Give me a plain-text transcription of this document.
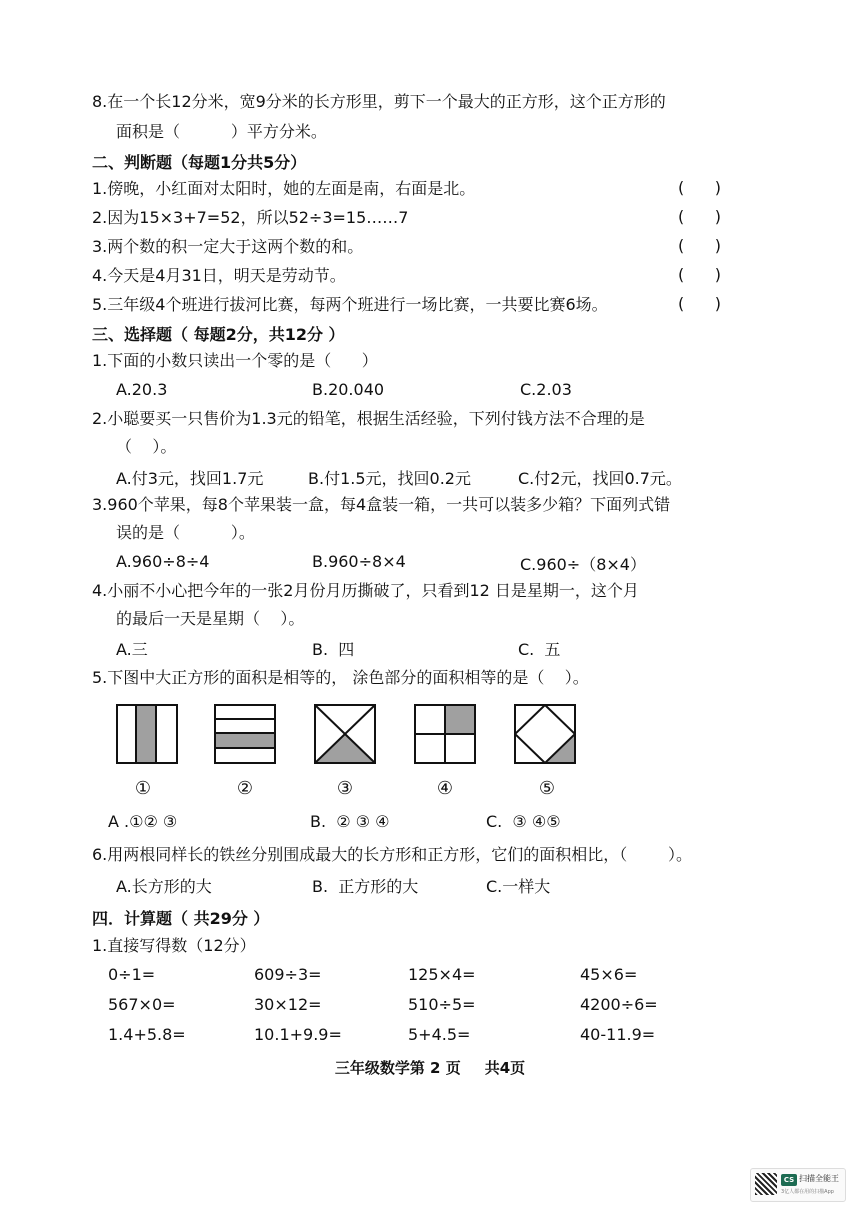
8.在一个长12分米，宽9分米的长方形里，剪下一个最大的正方形，这个正方形的
面积是（          ）平方分米。
二、判断题（每题1分共5分）
1.傍晚，小红面对太阳时，她的左面是南，右面是北。	(      )
2.因为15×3+7=52，所以52÷3=15……7	(      )
3.两个数的积一定大于这两个数的和。	(      )
4.今天是4月31日，明天是劳动节。	(      )
5.三年级4个班进行拔河比赛，每两个班进行一场比赛，一共要比赛6场。	(      )
三、选择题（ 每题2分，共12分 ）
1.下面的小数只读出一个零的是（      ）
A.20.3	B.20.040	C.2.03
2.小聪要买一只售价为1.3元的铅笔，根据生活经验，下列付钱方法不合理的是
（    ）。
A.付3元，找回1.7元	B.付1.5元，找回0.2元	C.付2元，找回0.7元。
3.960个苹果，每8个苹果装一盒，每4盒装一箱，一共可以装多少箱？下面列式错
误的是（          ）。
A.960÷8÷4	B.960÷8×4	C.960÷（8×4）
4.小丽不小心把今年的一张2月份月历撕破了，只看到12 日是星期一，这个月
的最后一天是星期（    ）。
A.三	B.  四	C.  五
5.下图中大正方形的面积是相等的， 涂色部分的面积相等的是（    ）。
①	②	③	④	⑤
A .①② ③	B.  ② ③ ④	C.  ③ ④⑤
6.用两根同样长的铁丝分别围成最大的长方形和正方形，它们的面积相比，（        ）。
A.长方形的大	B.  正方形的大	C.一样大
四．计算题（ 共29分 ）
1.直接写得数（12分）
0÷1=	609÷3=	125×4=	45×6=
567×0=	30×12=	510÷5=	4200÷6=
1.4+5.8=	10.1+9.9=	5+4.5=	40-11.9=
三年级数学第 2 页 共4页
CS 扫描全能王
3亿人都在用的扫描App
